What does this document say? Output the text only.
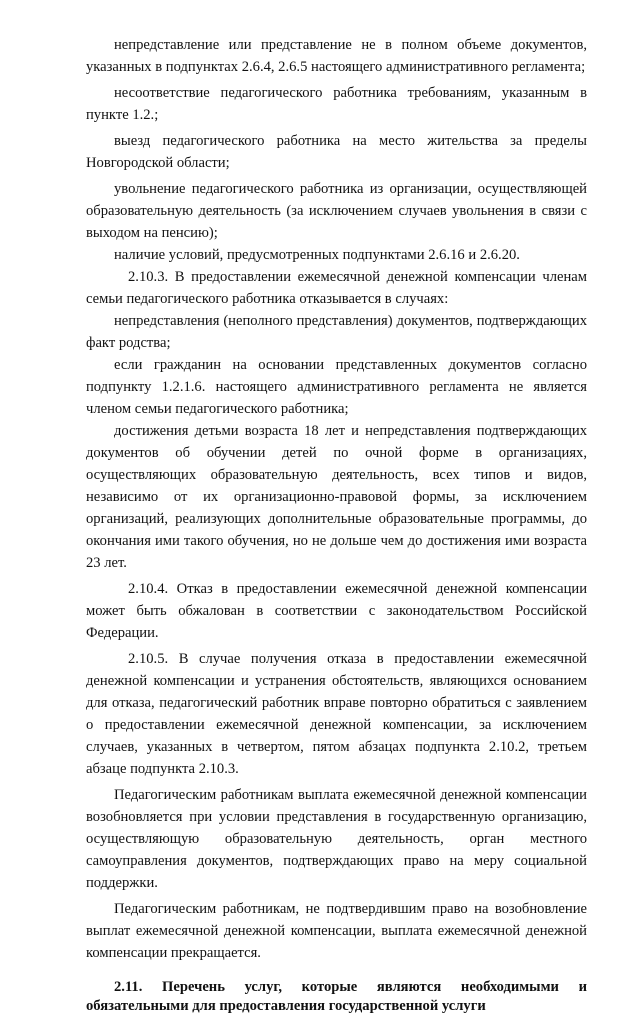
непредставление или представление не в полном объеме документов, указанных в подпунктах 2.6.4, 2.6.5 настоящего административного регламента;

несоответствие педагогического работника требованиям, указанным в пункте 1.2.;

выезд педагогического работника на место жительства за пределы Новгородской области;

увольнение педагогического работника из организации, осуществляющей образовательную деятельность (за исключением случаев увольнения в связи с выходом на пенсию);

наличие условий, предусмотренных подпунктами 2.6.16 и 2.6.20.

2.10.3. В предоставлении ежемесячной денежной компенсации членам семьи педагогического работника отказывается в случаях:

непредставления (неполного представления) документов, подтверждающих факт родства;

если гражданин на основании представленных документов согласно подпункту 1.2.1.6. настоящего административного регламента не является членом семьи педагогического работника;

достижения детьми возраста 18 лет и непредставления подтверждающих документов об обучении детей по очной форме в организациях, осуществляющих образовательную деятельность, всех типов и видов, независимо от их организационно-правовой формы, за исключением организаций, реализующих дополнительные образовательные программы, до окончания ими такого обучения, но не дольше чем до достижения ими возраста 23 лет.

2.10.4. Отказ в предоставлении ежемесячной денежной компенсации может быть обжалован в соответствии с законодательством Российской Федерации.

2.10.5. В случае получения отказа в предоставлении ежемесячной денежной компенсации и устранения обстоятельств, являющихся основанием для отказа, педагогический работник вправе повторно обратиться с заявлением о предоставлении ежемесячной денежной компенсации, за исключением случаев, указанных в четвертом, пятом абзацах подпункта 2.10.2, третьем абзаце подпункта 2.10.3.

Педагогическим работникам выплата ежемесячной денежной компенсации возобновляется при условии представления в государственную организацию, осуществляющую образовательную деятельность, орган местного самоуправления документов, подтверждающих право на меру социальной поддержки.

Педагогическим работникам, не подтвердившим право на возобновление выплат ежемесячной денежной компенсации, выплата ежемесячной денежной компенсации прекращается.

2.11. Перечень услуг, которые являются необходимыми и обязательными для предоставления государственной услуги
